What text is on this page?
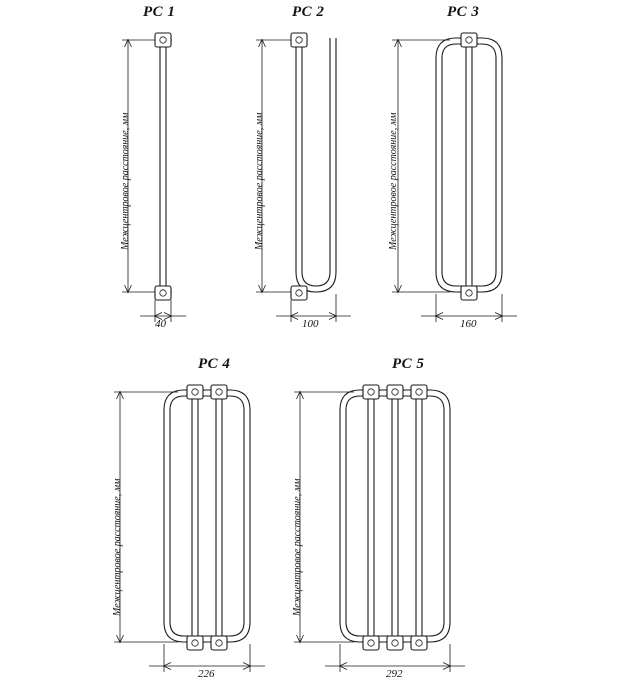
РС 1
Межцентровое расстояние, мм
40
РС 2
Межцентровое расстояние, мм
100
РС 3
Межцентровое расстояние, мм
160
РС 4
Межцентровое расстояние, мм
226
РС 5
Межцентровое расстояние, мм
292
